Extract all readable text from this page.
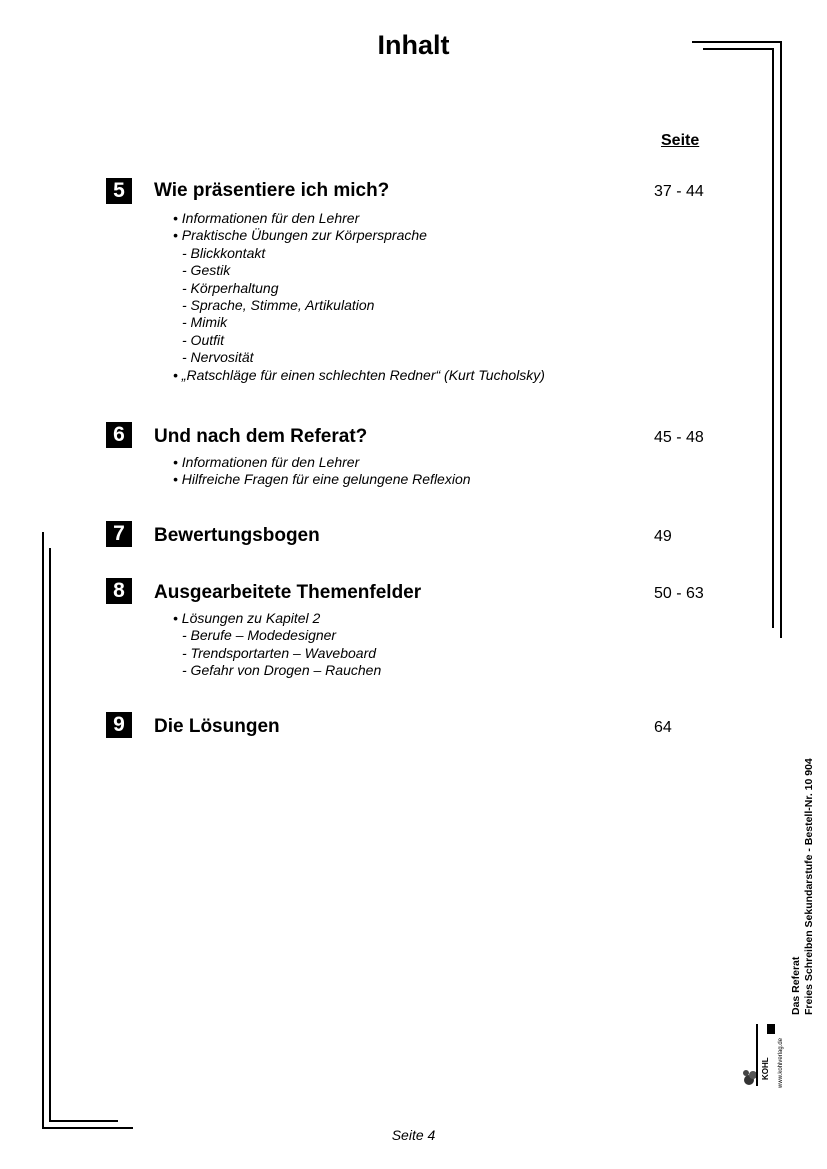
Inhalt
Seite
5	Wie präsentiere ich mich?	37 - 44
• Informationen für den Lehrer
• Praktische Übungen zur Körpersprache
- Blickkontakt
- Gestik
- Körperhaltung
- Sprache, Stimme, Artikulation
- Mimik
- Outfit
- Nervosität
• „Ratschläge für einen schlechten Redner“ (Kurt Tucholsky)
6	Und nach dem Referat?	45 - 48
• Informationen für den Lehrer
• Hilfreiche Fragen für eine gelungene Reflexion
7	Bewertungsbogen	49
8	Ausgearbeitete Themenfelder	50 - 63
• Lösungen zu Kapitel 2
- Berufe – Modedesigner
- Trendsportarten – Waveboard
- Gefahr von Drogen – Rauchen
9	Die Lösungen	64
Das Referat Freies Schreiben Sekundarstufe - Bestell-Nr. 10 904
KOHL www.kohlverlag.de
Seite 4
